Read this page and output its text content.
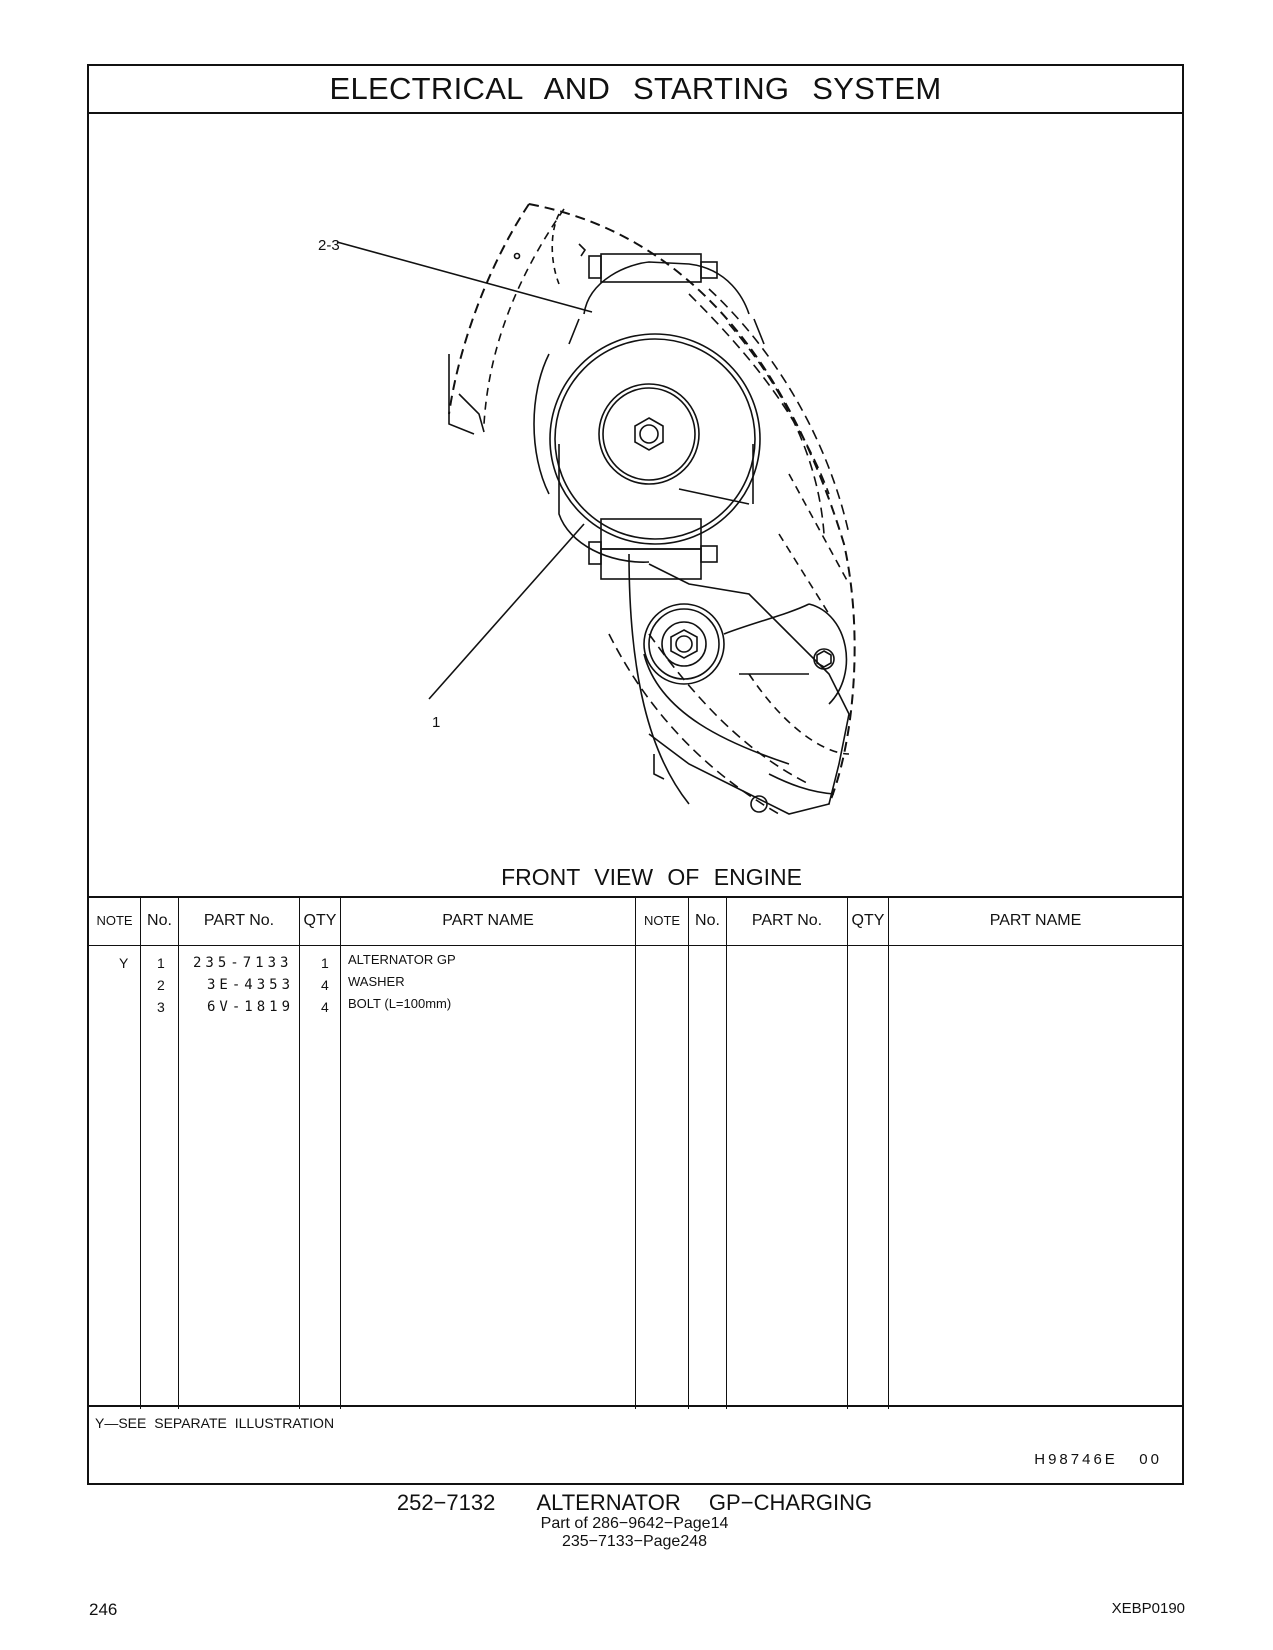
ELECTRICAL AND STARTING SYSTEM
2-3
1
FRONT VIEW OF ENGINE
NOTE No.	PART No.	QTY	PART NAME	NOTE No.	PART No.	QTY	PART NAME
Y 1 235-7133 1 ALTERNATOR GP
2	3E-4353 4 WASHER
3	6V-1819 4 BOLT (L=100mm)
Y—SEE SEPARATE ILLUSTRATION
H98746E   00
252−7132   ALTERNATOR  GP−CHARGING
Part of 286−9642−Page14
235−7133−Page248
246	XEBP0190
